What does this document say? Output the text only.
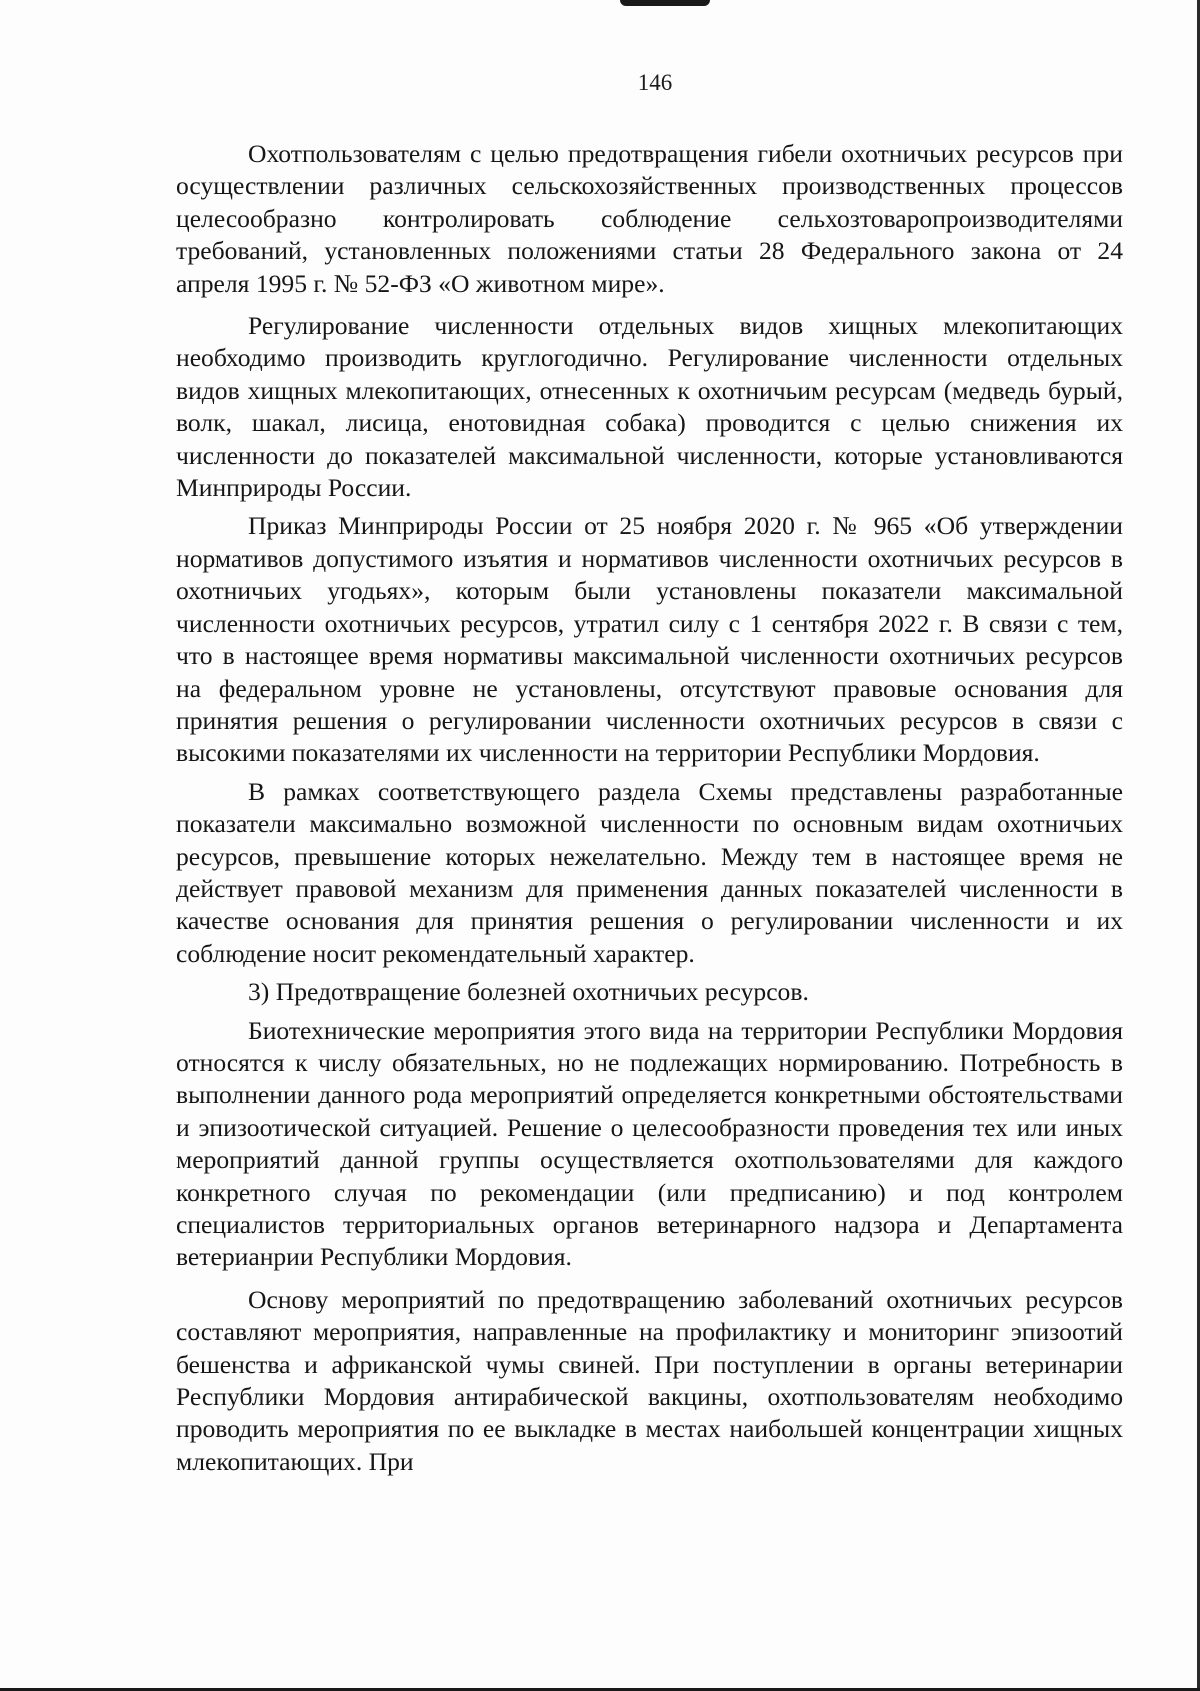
146

Охотпользователям с целью предотвращения гибели охотничьих ресурсов при осуществлении различных сельскохозяйственных производственных процессов целесообразно контролировать соблюдение сельхозтоваропроизводителями требований, установленных положениями статьи 28 Федерального закона от 24 апреля 1995 г. № 52-ФЗ «О животном мире».

Регулирование численности отдельных видов хищных млекопитающих необходимо производить круглогодично. Регулирование численности отдельных видов хищных млекопитающих, отнесенных к охотничьим ресурсам (медведь бурый, волк, шакал, лисица, енотовидная собака) проводится с целью снижения их численности до показателей максимальной численности, которые установливаются Минприроды России.

Приказ Минприроды России от 25 ноября 2020 г. № 965 «Об утверждении нормативов допустимого изъятия и нормативов численности охотничьих ресурсов в охотничьих угодьях», которым были установлены показатели максимальной численности охотничьих ресурсов, утратил силу с 1 сентября 2022 г. В связи с тем, что в настоящее время нормативы максимальной численности охотничьих ресурсов на федеральном уровне не установлены, отсутствуют правовые основания для принятия решения о регулировании численности охотничьих ресурсов в связи с высокими показателями их численности на территории Республики Мордовия.

В рамках соответствующего раздела Схемы представлены разработанные показатели максимально возможной численности по основным видам охотничьих ресурсов, превышение которых нежелательно. Между тем в настоящее время не действует правовой механизм для применения данных показателей численности в качестве основания для принятия решения о регулировании численности и их соблюдение носит рекомендательный характер.

3) Предотвращение болезней охотничьих ресурсов.

Биотехнические мероприятия этого вида на территории Республики Мордовия относятся к числу обязательных, но не подлежащих нормированию. Потребность в выполнении данного рода мероприятий определяется конкретными обстоятельствами и эпизоотической ситуацией. Решение о целесообразности проведения тех или иных мероприятий данной группы осуществляется охотпользователями для каждого конкретного случая по рекомендации (или предписанию) и под контролем специалистов территориальных органов ветеринарного надзора и Департамента ветерианрии Республики Мордовия.

Основу мероприятий по предотвращению заболеваний охотничьих ресурсов составляют мероприятия, направленные на профилактику и мониторинг эпизоотий бешенства и африканской чумы свиней. При поступлении в органы ветеринарии Республики Мордовия антирабической вакцины, охотпользователям необходимо проводить мероприятия по ее выкладке в местах наибольшей концентрации хищных млекопитающих. При
